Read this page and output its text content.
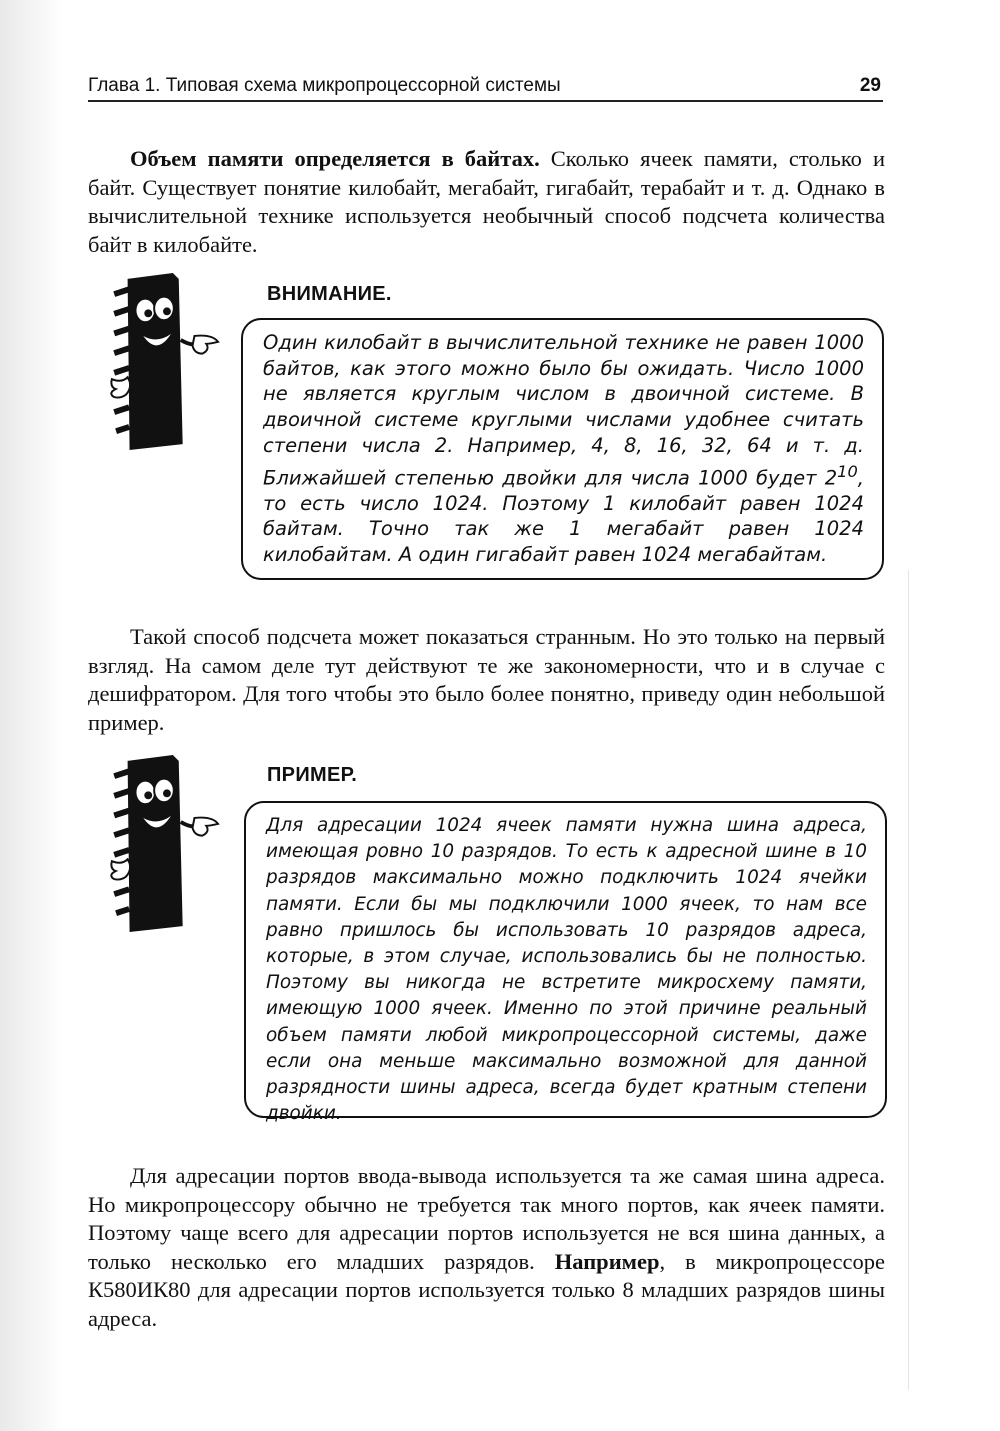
Глава 1. Типовая схема микропроцессорной системы	29

Объем памяти определяется в байтах. Сколько ячеек памяти, столько и байт. Существует понятие килобайт, мегабайт, гигабайт, терабайт и т. д. Однако в вычислительной технике используется необычный способ подсчета количества байт в килобайте.

ВНИМАНИЕ.

Один килобайт в вычислительной технике не равен 1000 байтов, как этого можно было бы ожидать. Число 1000 не является круглым числом в двоичной системе. В двоичной системе круглыми числами удобнее считать степени числа 2. Например, 4, 8, 16, 32, 64 и т. д. Ближайшей степенью двойки для числа 1000 будет $2^{10}$, то есть число 1024. Поэтому 1 килобайт равен 1024 байтам. Точно так же 1 мегабайт равен 1024 килобайтам. А один гигабайт равен 1024 мегабайтам.

Такой способ подсчета может показаться странным. Но это только на первый взгляд. На самом деле тут действуют те же закономерности, что и в случае с дешифратором. Для того чтобы это было более понятно, приведу один небольшой пример.

ПРИМЕР.

Для адресации 1024 ячеек памяти нужна шина адреса, имеющая ровно 10 разрядов. То есть к адресной шине в 10 разрядов максимально можно подключить 1024 ячейки памяти. Если бы мы подключили 1000 ячеек, то нам все равно пришлось бы использовать 10 разрядов адреса, которые, в этом случае, использовались бы не полностью. Поэтому вы никогда не встретите микросхему памяти, имеющую 1000 ячеек. Именно по этой причине реальный объем памяти любой микропроцессорной системы, даже если она меньше максимально возможной для данной разрядности шины адреса, всегда будет кратным степени двойки.

Для адресации портов ввода-вывода используется та же самая шина адреса. Но микропроцессору обычно не требуется так много портов, как ячеек памяти. Поэтому чаще всего для адресации портов используется не вся шина данных, а только несколько его младших разрядов. Например, в микропроцессоре К580ИК80 для адресации портов используется только 8 младших разрядов шины адреса.
